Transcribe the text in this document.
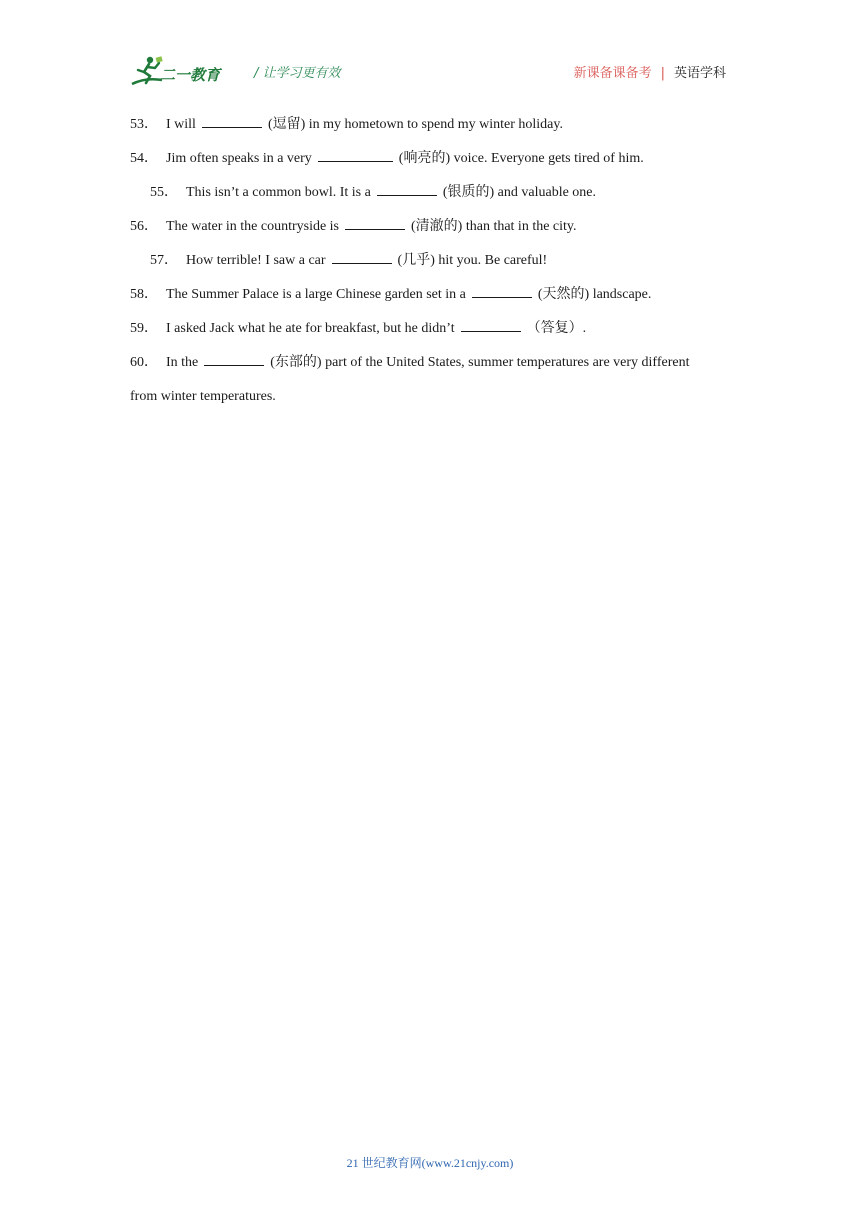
二一教育	/ 让学习更有效	新课备课备考 | 英语学科
53． I will	(逗留) in my hometown to spend my winter holiday.
54． Jim often speaks in a very	(响亮的) voice. Everyone gets tired of him.
55． This isn’t a common bowl. It is a	(银质的) and valuable one.
56． The water in the countryside is	(清澈的) than that in the city.
57． How terrible! I saw a car	(几乎) hit you. Be careful!
58． The Summer Palace is a large Chinese garden set in a	(天然的) landscape.
59． I asked Jack what he ate for breakfast, but he didn’t	（答复）.
60． In the	(东部的) part of the United States, summer temperatures are very different
from winter temperatures.
21 世纪教育网(www.21cnjy.com)
